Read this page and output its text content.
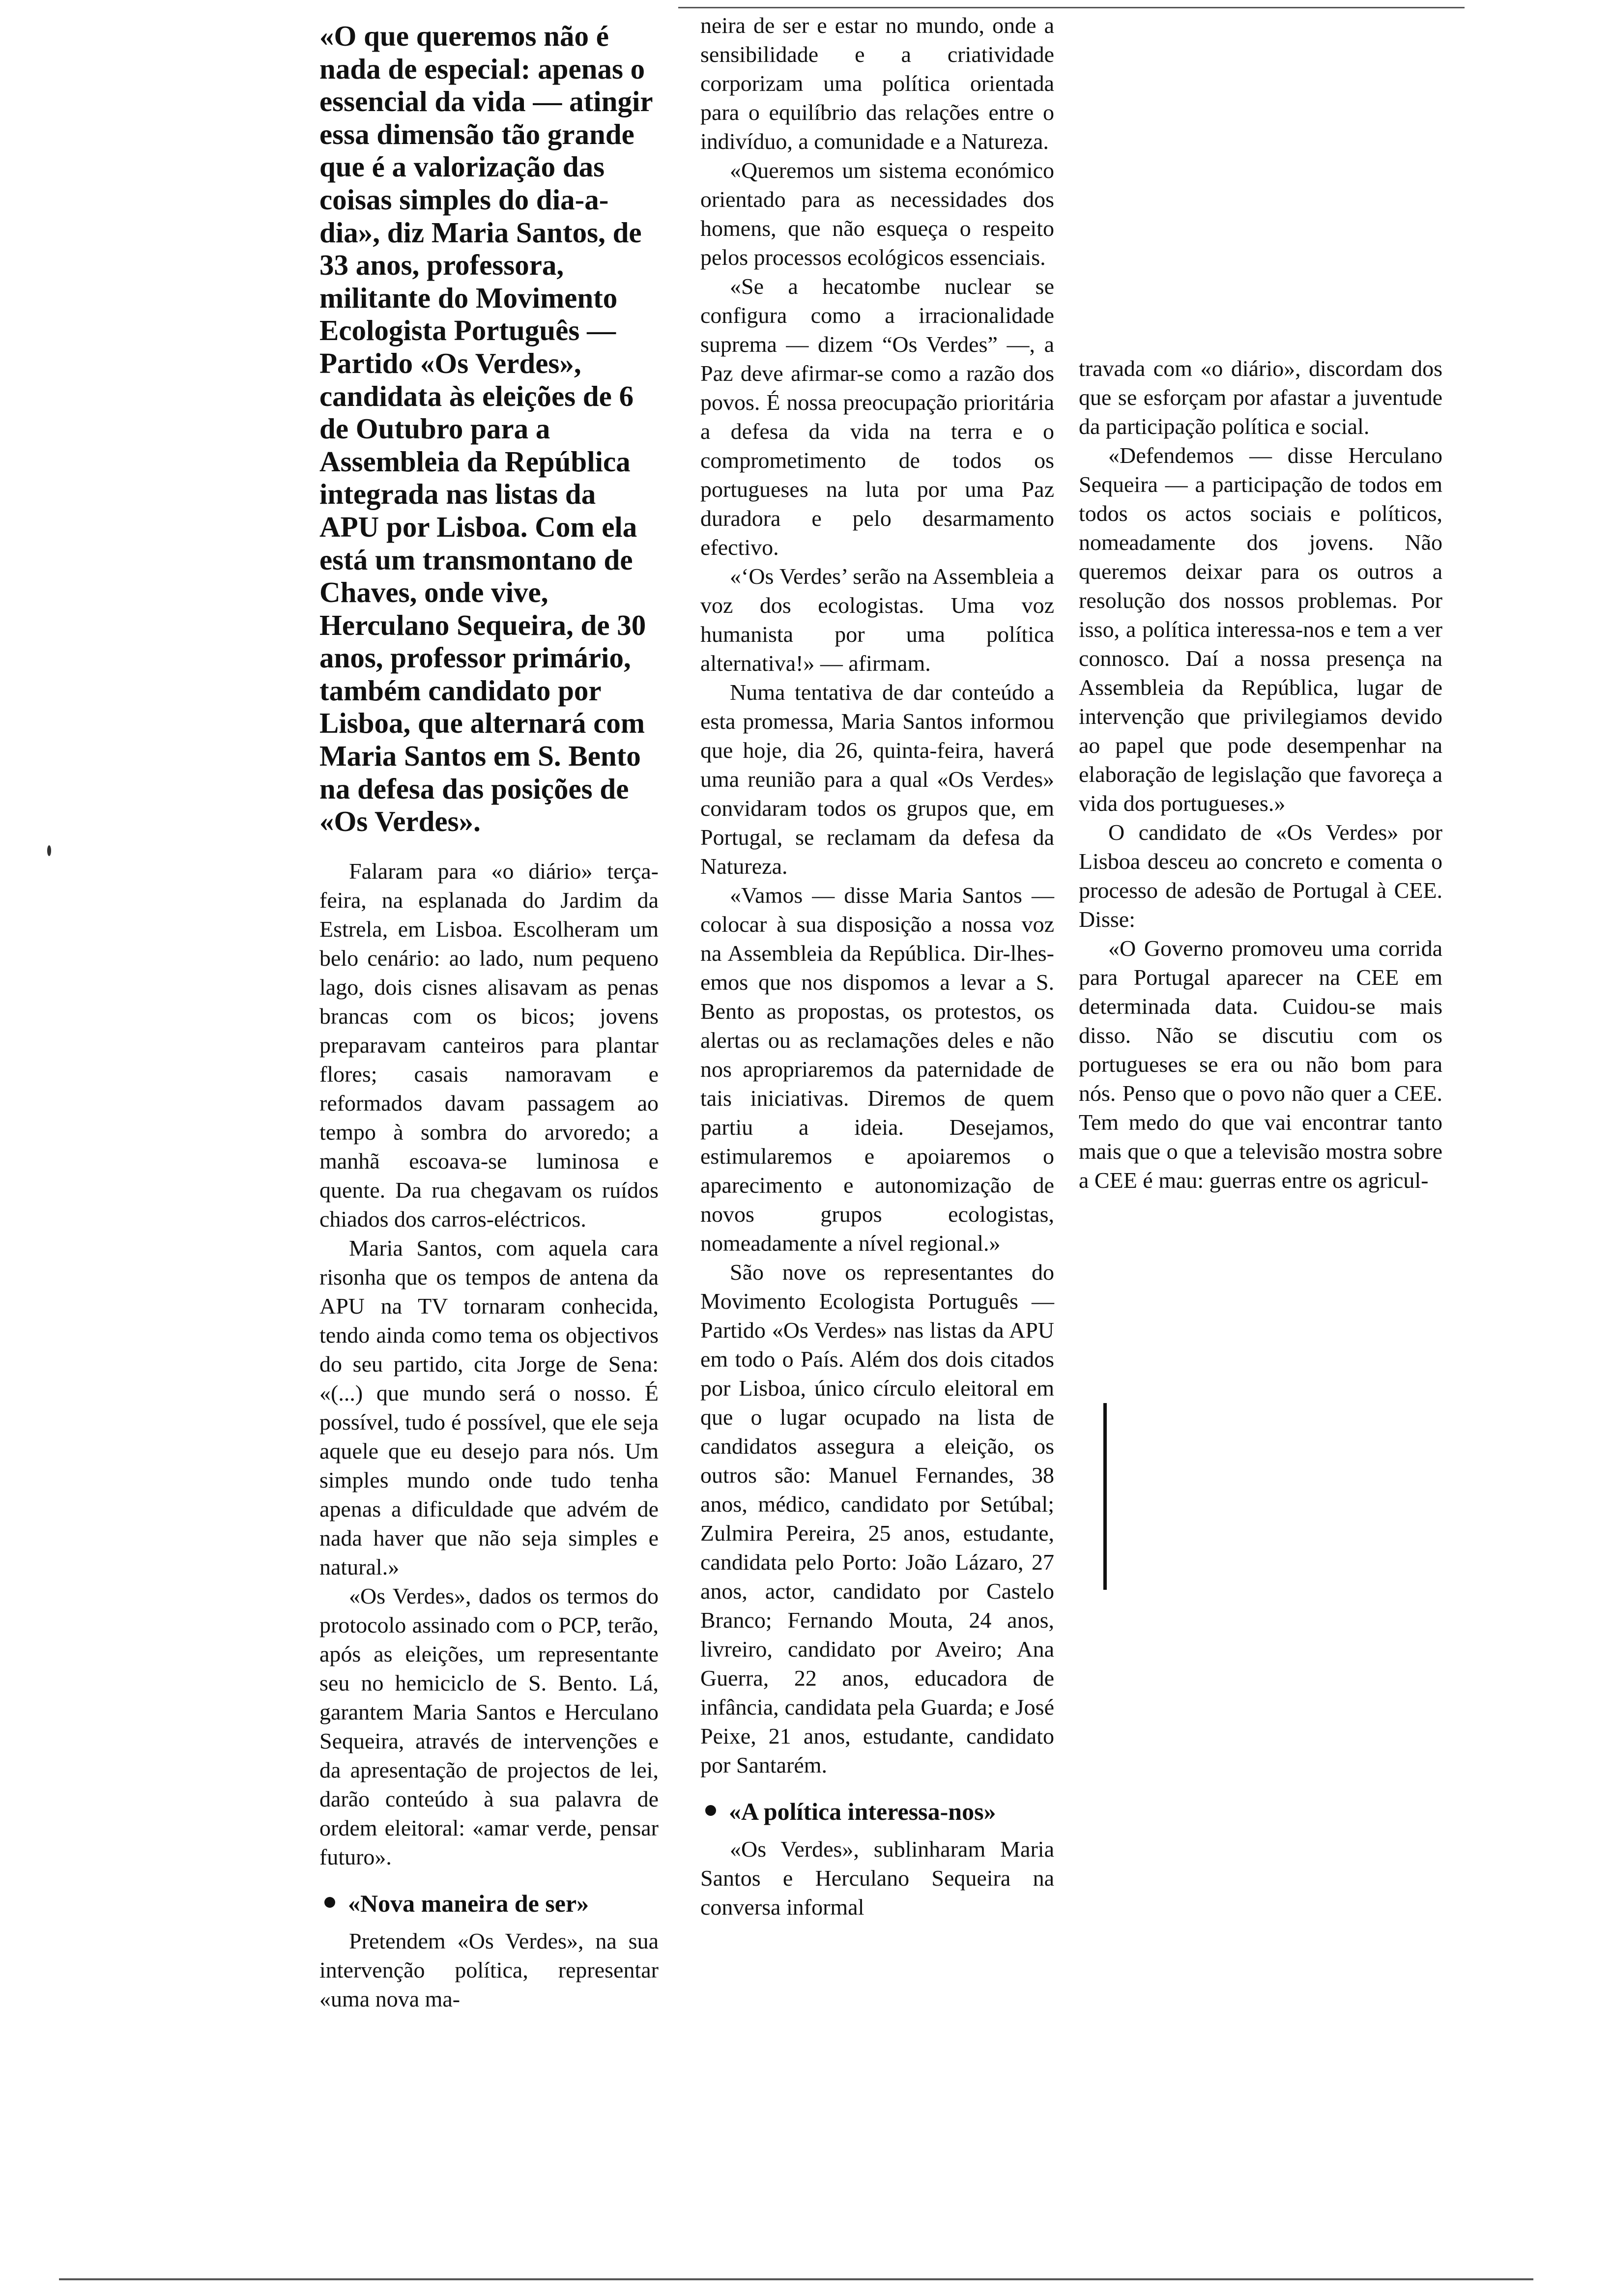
«O que queremos não é nada de especial: apenas o essencial da vida — atingir essa dimensão tão grande que é a valorização das coisas simples do dia-a-dia», diz Maria Santos, de 33 anos, professora, militante do Movimento Ecologista Português — Partido «Os Verdes», candidata às eleições de 6 de Outubro para a Assembleia da República integrada nas listas da APU por Lisboa. Com ela está um transmontano de Chaves, onde vive, Herculano Sequeira, de 30 anos, professor primário, também candidato por Lisboa, que alternará com Maria Santos em S. Bento na defesa das posições de «Os Verdes».

Falaram para «o diário» terça-feira, na esplanada do Jardim da Estrela, em Lisboa. Escolheram um belo cenário: ao lado, num pequeno lago, dois cisnes alisavam as penas brancas com os bicos; jovens preparavam canteiros para plantar flores; casais namoravam e reformados davam passagem ao tempo à sombra do arvoredo; a manhã escoava-se luminosa e quente. Da rua chegavam os ruídos chiados dos carros-eléctricos.

Maria Santos, com aquela cara risonha que os tempos de antena da APU na TV tornaram conhecida, tendo ainda como tema os objectivos do seu partido, cita Jorge de Sena: «(...) que mundo será o nosso. É possível, tudo é possível, que ele seja aquele que eu desejo para nós. Um simples mundo onde tudo tenha apenas a dificuldade que advém de nada haver que não seja simples e natural.»

«Os Verdes», dados os termos do protocolo assinado com o PCP, terão, após as eleições, um representante seu no hemiciclo de S. Bento. Lá, garantem Maria Santos e Herculano Sequeira, através de intervenções e da apresentação de projectos de lei, darão conteúdo à sua palavra de ordem eleitoral: «amar verde, pensar futuro».

«Nova maneira de ser»

Pretendem «Os Verdes», na sua intervenção política, representar «uma nova ma-

neira de ser e estar no mundo, onde a sensibilidade e a criatividade corporizam uma política orientada para o equilíbrio das relações entre o indivíduo, a comunidade e a Natureza.

«Queremos um sistema económico orientado para as necessidades dos homens, que não esqueça o respeito pelos processos ecológicos essenciais.

«Se a hecatombe nuclear se configura como a irracionalidade suprema — dizem “Os Verdes” —, a Paz deve afirmar-se como a razão dos povos. É nossa preocupação prioritária a defesa da vida na terra e o comprometimento de todos os portugueses na luta por uma Paz duradora e pelo desarmamento efectivo.

«‘Os Verdes’ serão na Assembleia a voz dos ecologistas. Uma voz humanista por uma política alternativa!» — afirmam.

Numa tentativa de dar conteúdo a esta promessa, Maria Santos informou que hoje, dia 26, quinta-feira, haverá uma reunião para a qual «Os Verdes» convidaram todos os grupos que, em Portugal, se reclamam da defesa da Natureza.

«Vamos — disse Maria Santos — colocar à sua disposição a nossa voz na Assembleia da República. Dir-lhes-emos que nos dispomos a levar a S. Bento as propostas, os protestos, os alertas ou as reclamações deles e não nos apropriaremos da paternidade de tais iniciativas. Diremos de quem partiu a ideia. Desejamos, estimularemos e apoiaremos o aparecimento e autonomização de novos grupos ecologistas, nomeadamente a nível regional.»

São nove os representantes do Movimento Ecologista Português — Partido «Os Verdes» nas listas da APU em todo o País. Além dos dois citados por Lisboa, único círculo eleitoral em que o lugar ocupado na lista de candidatos assegura a eleição, os outros são: Manuel Fernandes, 38 anos, médico, candidato por Setúbal; Zulmira Pereira, 25 anos, estudante, candidata pelo Porto: João Lázaro, 27 anos, actor, candidato por Castelo Branco; Fernando Mouta, 24 anos, livreiro, candidato por Aveiro; Ana Guerra, 22 anos, educadora de infância, candidata pela Guarda; e José Peixe, 21 anos, estudante, candidato por Santarém.

«A política interessa-nos»

«Os Verdes», sublinharam Maria Santos e Herculano Sequeira na conversa informal

travada com «o diário», discordam dos que se esforçam por afastar a juventude da participação política e social.

«Defendemos — disse Herculano Sequeira — a participação de todos em todos os actos sociais e políticos, nomeadamente dos jovens. Não queremos deixar para os outros a resolução dos nossos problemas. Por isso, a política interessa-nos e tem a ver connosco. Daí a nossa presença na Assembleia da República, lugar de intervenção que privilegiamos devido ao papel que pode desempenhar na elaboração de legislação que favoreça a vida dos portugueses.»

O candidato de «Os Verdes» por Lisboa desceu ao concreto e comenta o processo de adesão de Portugal à CEE. Disse:

«O Governo promoveu uma corrida para Portugal aparecer na CEE em determinada data. Cuidou-se mais disso. Não se discutiu com os portugueses se era ou não bom para nós. Penso que o povo não quer a CEE. Tem medo do que vai encontrar tanto mais que o que a televisão mostra sobre a CEE é mau: guerras entre os agricul-
